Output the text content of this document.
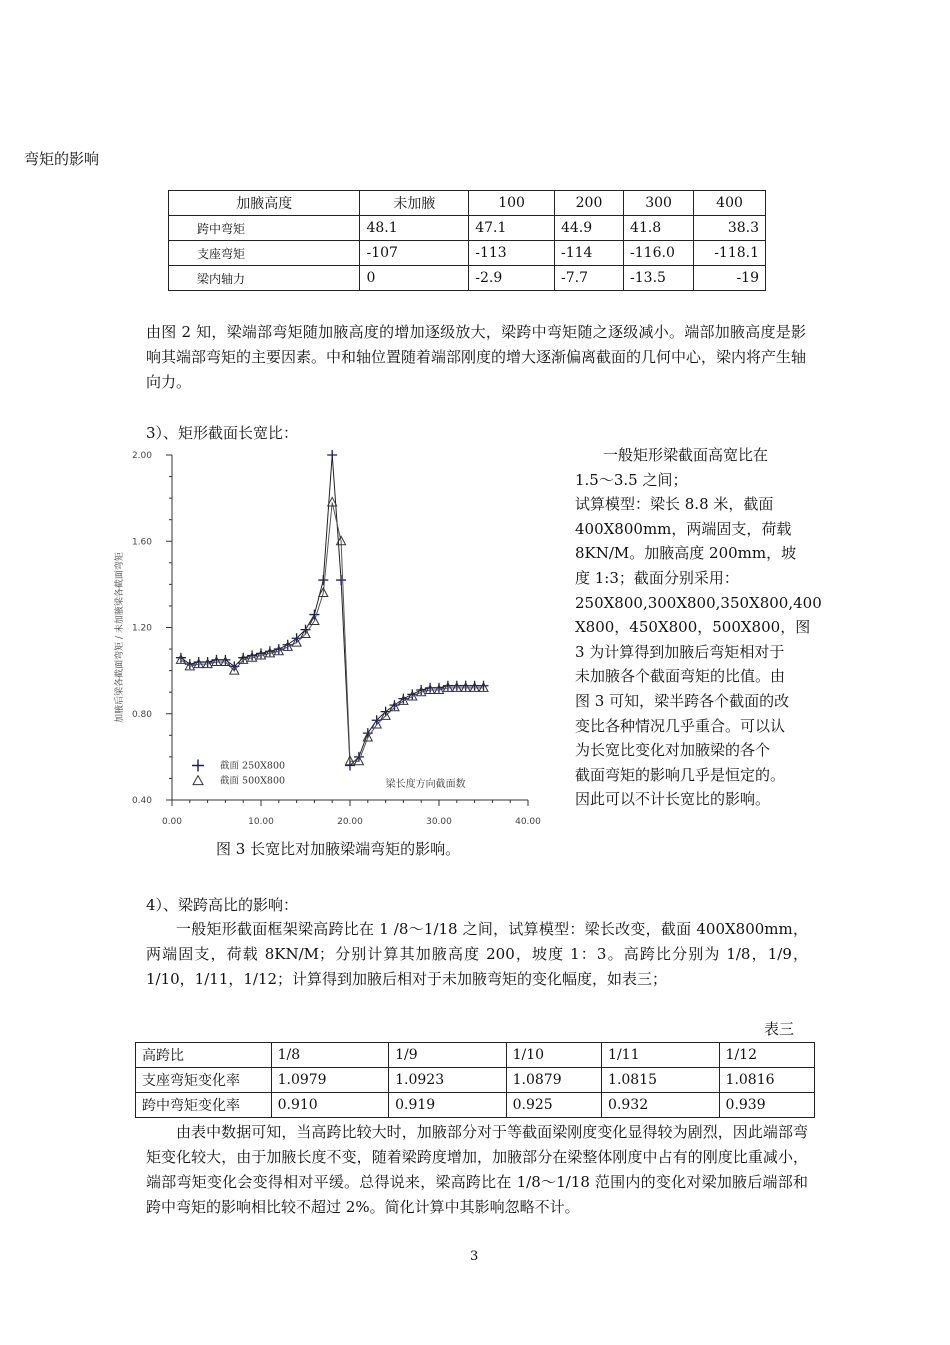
弯矩的影响
加腋高度	未加腋	100	200	300	400
跨中弯矩	48.1	47.1	44.9	41.8	38.3
支座弯矩	-107	-113	-114	-116.0	-118.1
梁内轴力	0	-2.9	-7.7	-13.5	-19
由图 2 知，梁端部弯矩随加腋高度的增加逐级放大，梁跨中弯矩随之逐级减小。端部加腋高度是影响其端部弯矩的主要因素。中和轴位置随着端部刚度的增大逐渐偏离截面的几何中心，梁内将产生轴向力。
3）、矩形截面长宽比：
0.40
0.80
1.20
1.60
2.00
0.00	10.00	20.00	30.00	40.00
加腋后梁各截面弯矩 / 未加腋梁各截面弯矩
梁长度方向截面数
截面 250X800
截面 500X800
图 3 长宽比对加腋梁端弯矩的影响。
一般矩形梁截面高宽比在
1.5～3.5 之间；
试算模型：梁长 8.8 米，截面
400X800mm，两端固支，荷载
8KN/M。加腋高度 200mm，坡
度 1:3；截面分别采用：
250X800,300X800,350X800,400
X800，450X800，500X800，图
3 为计算得到加腋后弯矩相对于
未加腋各个截面弯矩的比值。由
图 3 可知，梁半跨各个截面的改
变比各种情况几乎重合。可以认
为长宽比变化对加腋梁的各个
截面弯矩的影响几乎是恒定的。
因此可以不计长宽比的影响。
4）、梁跨高比的影响：
一般矩形截面框架梁高跨比在 1 /8～1/18 之间，试算模型：梁长改变，截面 400X800mm，两端固支，荷载 8KN/M；分别计算其加腋高度 200，坡度 1：3。高跨比分别为 1/8，1/9，1/10，1/11，1/12；计算得到加腋后相对于未加腋弯矩的变化幅度，如表三；
表三
高跨比	1/8	1/9	1/10	1/11	1/12
支座弯矩变化率	1.0979	1.0923	1.0879	1.0815	1.0816
跨中弯矩变化率	0.910	0.919	0.925	0.932	0.939
由表中数据可知，当高跨比较大时，加腋部分对于等截面梁刚度变化显得较为剧烈，因此端部弯矩变化较大，由于加腋长度不变，随着梁跨度增加，加腋部分在梁整体刚度中占有的刚度比重减小，端部弯矩变化会变得相对平缓。总得说来，梁高跨比在 1/8～1/18 范围内的变化对梁加腋后端部和跨中弯矩的影响相比较不超过 2%。简化计算中其影响忽略不计。
3
